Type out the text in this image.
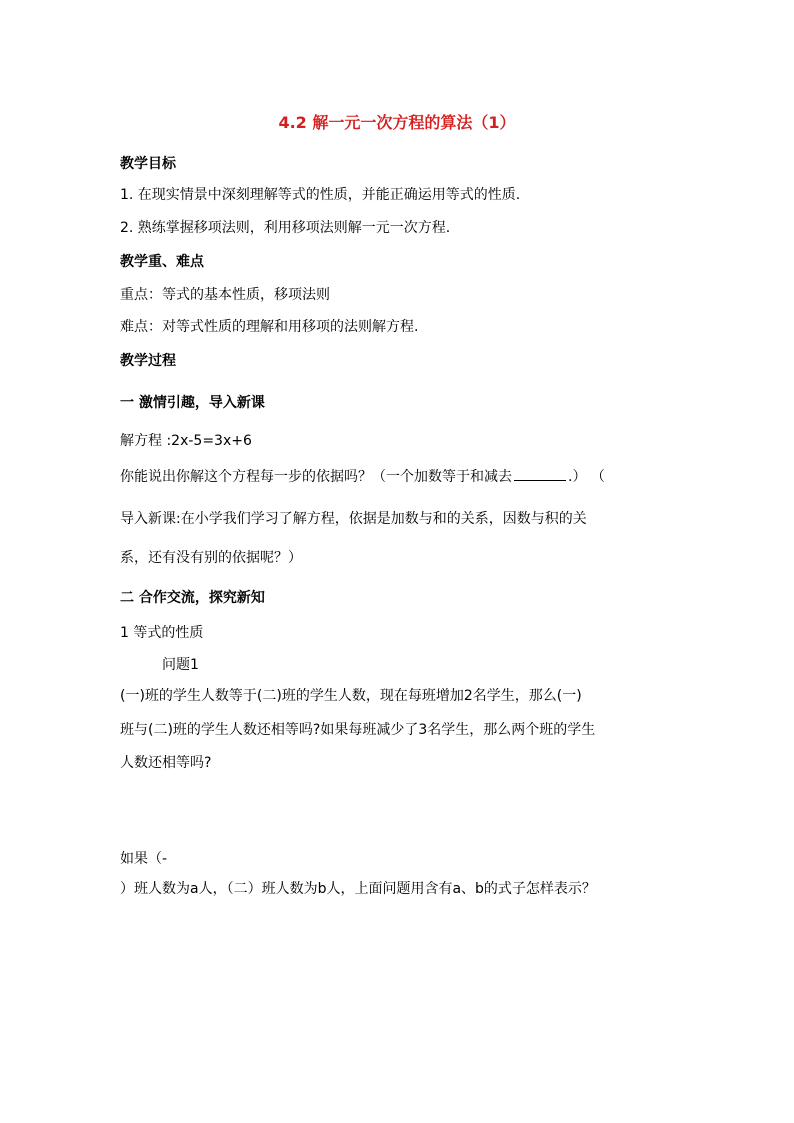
4.2 解一元一次方程的算法（1）
教学目标
1. 在现实情景中深刻理解等式的性质，并能正确运用等式的性质.
2. 熟练掌握移项法则，利用移项法则解一元一次方程.
教学重、难点
重点：等式的基本性质，移项法则
难点：对等式性质的理解和用移项的法则解方程.
教学过程
一 激情引趣，导入新课
解方程 :2x-5=3x+6
你能说出你解这个方程每一步的依据吗？（一个加数等于和减去	.） （
导入新课:在小学我们学习了解方程，依据是加数与和的关系，因数与积的关
系，还有没有别的依据呢？）
二 合作交流，探究新知
1 等式的性质
问题1
(一)班的学生人数等于(二)班的学生人数，现在每班增加2名学生，那么(一)
班与(二)班的学生人数还相等吗?如果每班减少了3名学生，那么两个班的学生
人数还相等吗?
如果（-
）班人数为a人，（二）班人数为b人，上面问题用含有a、b的式子怎样表示？
